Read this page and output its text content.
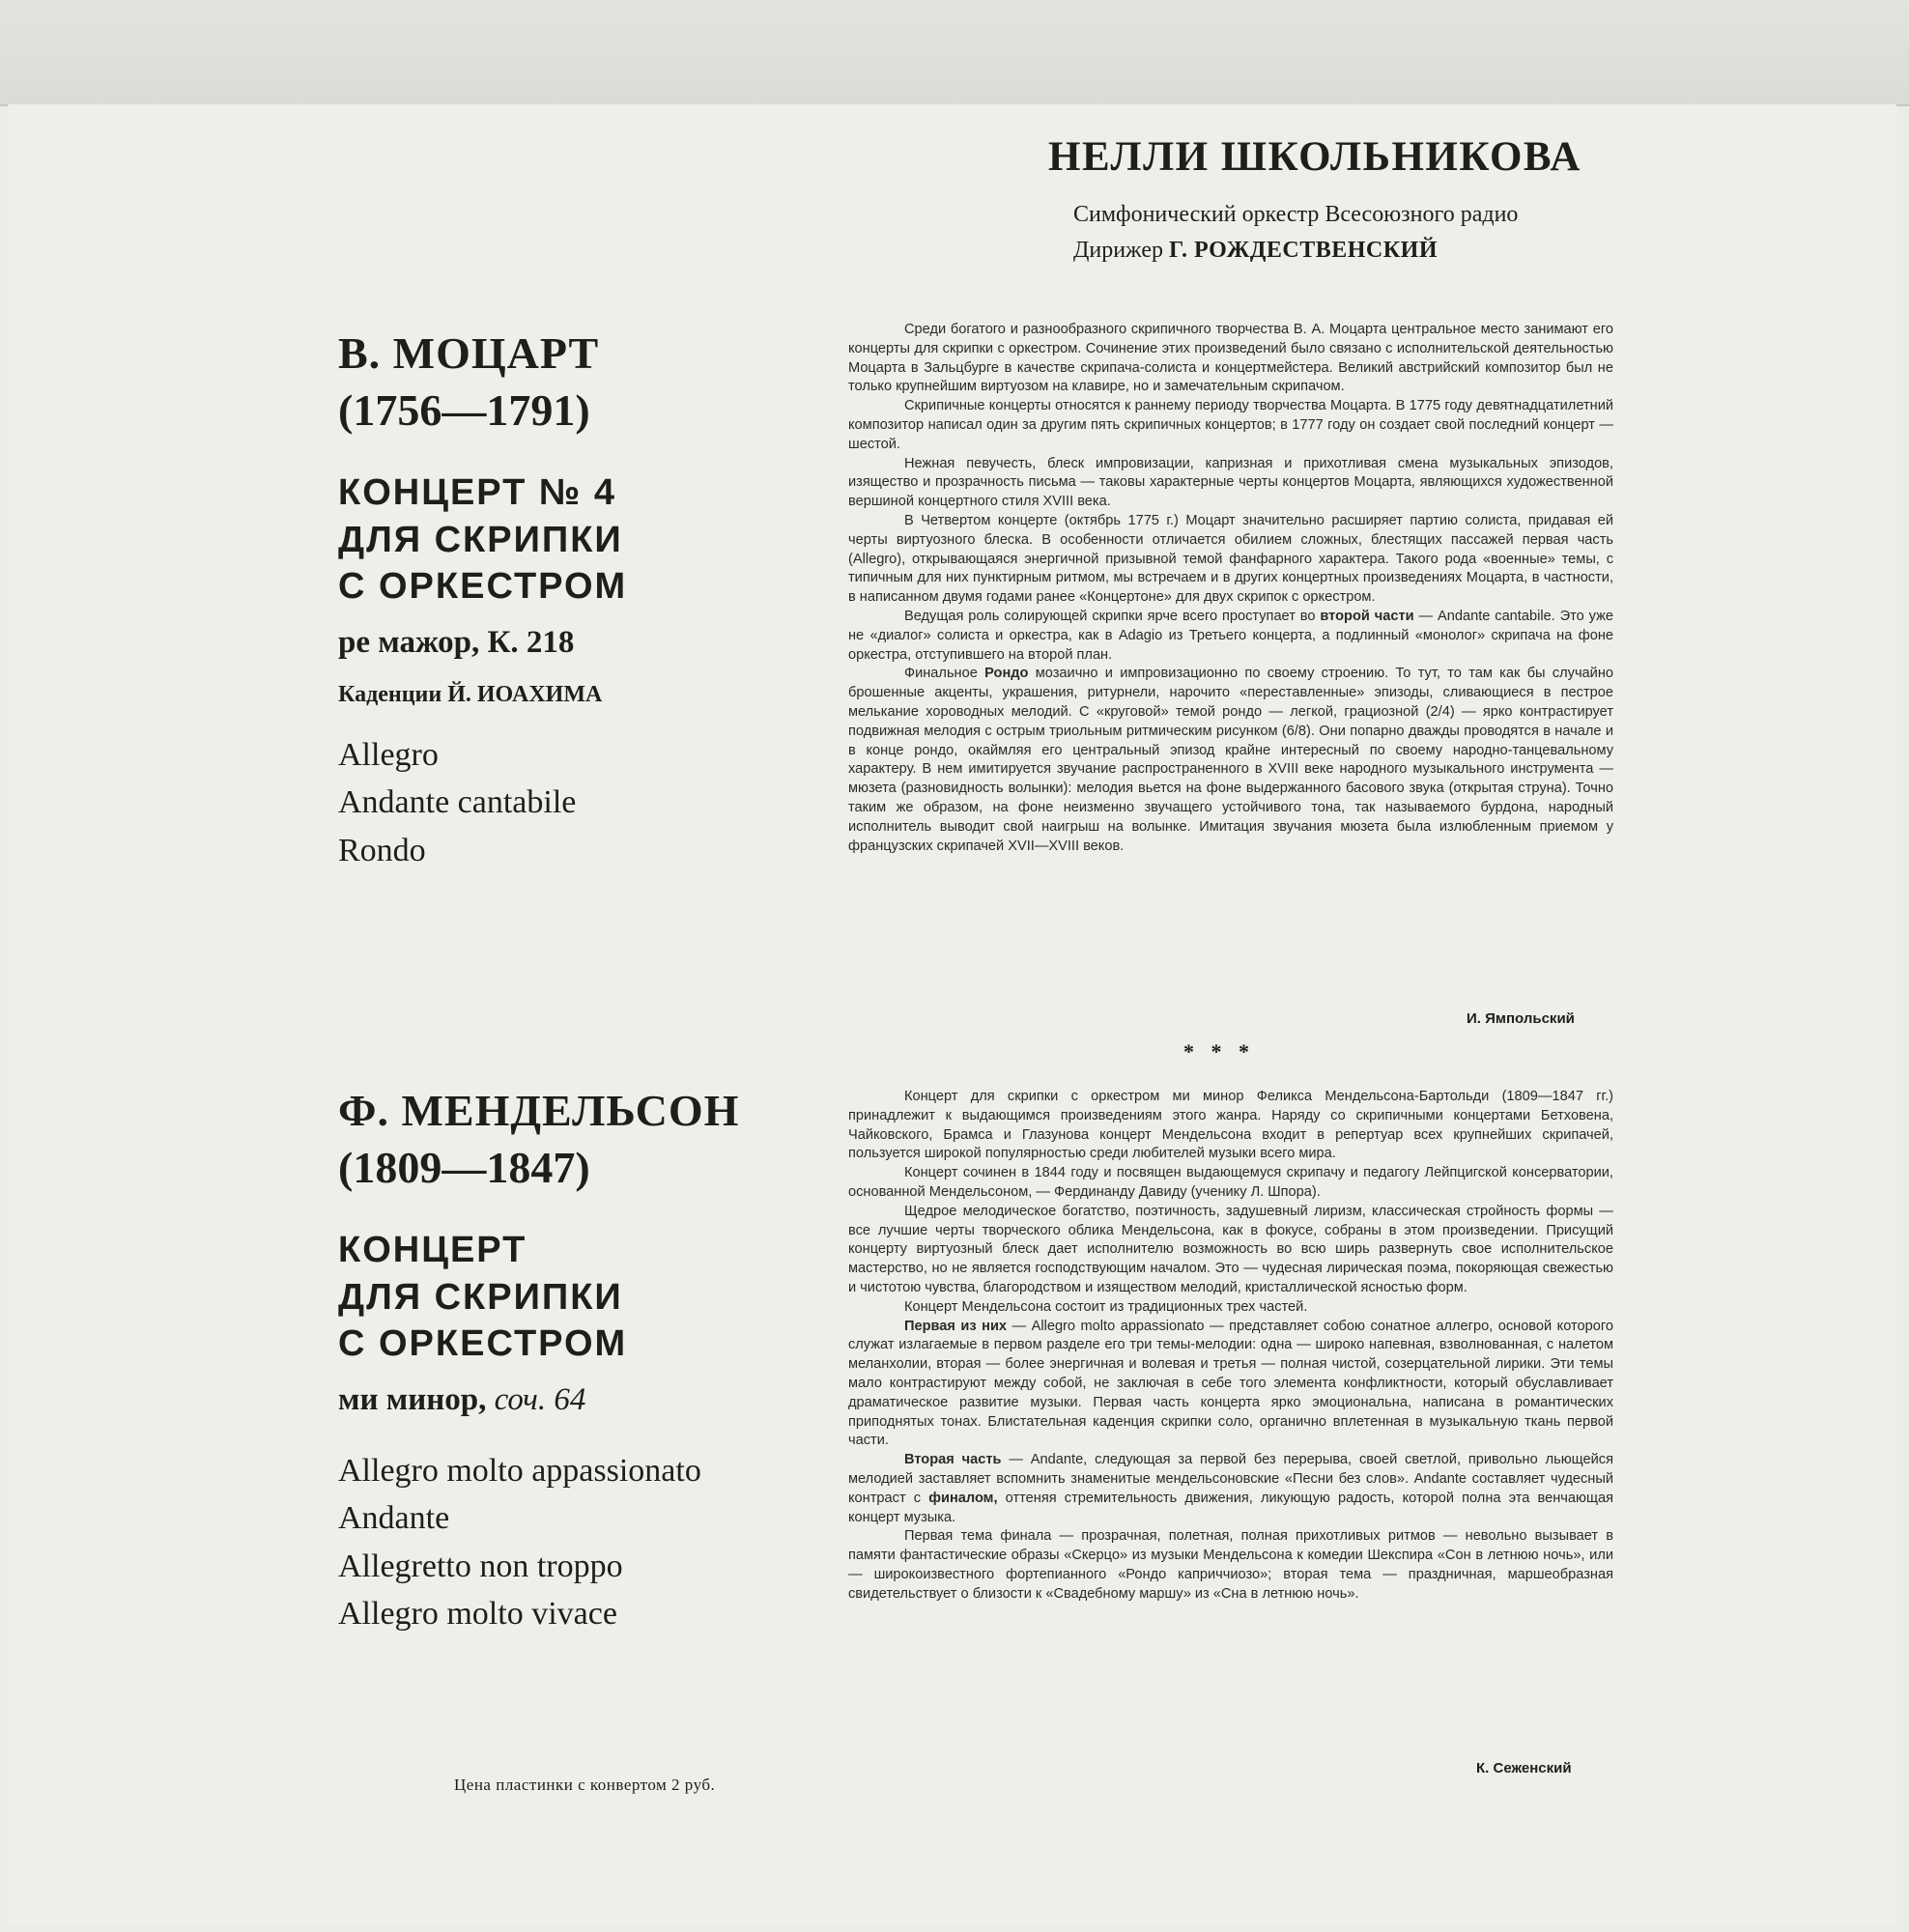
НЕЛЛИ ШКОЛЬНИКОВА
Симфонический оркестр Всесоюзного радио
Дирижер Г. РОЖДЕСТВЕНСКИЙ
В. МОЦАРТ
(1756—1791)
КОНЦЕРТ № 4
ДЛЯ СКРИПКИ
С ОРКЕСТРОМ
ре мажор, К. 218
Каденции Й. ИОАХИМА
Allegro
Andante cantabile
Rondo
Ф. МЕНДЕЛЬСОН
(1809—1847)
КОНЦЕРТ
ДЛЯ СКРИПКИ
С ОРКЕСТРОМ
ми минор, соч. 64
Allegro molto appassionato
Andante
Allegretto non troppo
Allegro molto vivace
Цена пластинки с конвертом 2 руб.

Среди богатого и разнообразного скрипичного творчества В. А. Моцарта центральное место занимают его концерты для скрипки с оркестром. Сочинение этих произведений было связано с исполнительской деятельностью Моцарта в Зальцбурге в качестве скрипача-солиста и концертмейстера. Великий австрийский композитор был не только крупнейшим виртуозом на клавире, но и замечательным скрипачом.

Скрипичные концерты относятся к раннему периоду творчества Моцарта. В 1775 году девятнадцатилетний композитор написал один за другим пять скрипичных концертов; в 1777 году он создает свой последний концерт — шестой.

Нежная певучесть, блеск импровизации, капризная и прихотливая смена музыкальных эпизодов, изящество и прозрачность письма — таковы характерные черты концертов Моцарта, являющихся художественной вершиной концертного стиля XVIII века.

В Четвертом концерте (октябрь 1775 г.) Моцарт значительно расширяет партию солиста, придавая ей черты виртуозного блеска. В особенности отличается обилием сложных, блестящих пассажей первая часть (Allegro), открывающаяся энергичной призывной темой фанфарного характера. Такого рода «военные» темы, с типичным для них пунктирным ритмом, мы встречаем и в других концертных произведениях Моцарта, в частности, в написанном двумя годами ранее «Концертоне» для двух скрипок с оркестром.

Ведущая роль солирующей скрипки ярче всего проступает во второй части — Andante cantabile. Это уже не «диалог» солиста и оркестра, как в Adagio из Третьего концерта, а подлинный «монолог» скрипача на фоне оркестра, отступившего на второй план.

Финальное Рондо мозаично и импровизационно по своему строению. То тут, то там как бы случайно брошенные акценты, украшения, ритурнели, нарочито «переставленные» эпизоды, сливающиеся в пестрое мелькание хороводных мелодий. С «круговой» темой рондо — легкой, грациозной (2/4) — ярко контрастирует подвижная мелодия с острым триольным ритмическим рисунком (6/8). Они попарно дважды проводятся в начале и в конце рондо, окаймляя его центральный эпизод крайне интересный по своему народно-танцевальному характеру. В нем имитируется звучание распространенного в XVIII веке народного музыкального инструмента — мюзета (разновидность волынки): мелодия вьется на фоне выдержанного басового звука (открытая струна). Точно таким же образом, на фоне неизменно звучащего устойчивого тона, так называемого бурдона, народный исполнитель выводит свой наигрыш на волынке. Имитация звучания мюзета была излюбленным приемом у французских скрипачей XVII—XVIII веков.

И. Ямпольский
* * *

Концерт для скрипки с оркестром ми минор Феликса Мендельсона-Бартольди (1809—1847 гг.) принадлежит к выдающимся произведениям этого жанра. Наряду со скрипичными концертами Бетховена, Чайковского, Брамса и Глазунова концерт Мендельсона входит в репертуар всех крупнейших скрипачей, пользуется широкой популярностью среди любителей музыки всего мира.

Концерт сочинен в 1844 году и посвящен выдающемуся скрипачу и педагогу Лейпцигской консерватории, основанной Мендельсоном, — Фердинанду Давиду (ученику Л. Шпора).

Щедрое мелодическое богатство, поэтичность, задушевный лиризм, классическая стройность формы — все лучшие черты творческого облика Мендельсона, как в фокусе, собраны в этом произведении. Присущий концерту виртуозный блеск дает исполнителю возможность во всю ширь развернуть свое исполнительское мастерство, но не является господствующим началом. Это — чудесная лирическая поэма, покоряющая свежестью и чистотою чувства, благородством и изяществом мелодий, кристаллической ясностью форм.

Концерт Мендельсона состоит из традиционных трех частей.

Первая из них — Allegro molto appassionato — представляет собою сонатное аллегро, основой которого служат излагаемые в первом разделе его три темы-мелодии: одна — широко напевная, взволнованная, с налетом меланхолии, вторая — более энергичная и волевая и третья — полная чистой, созерцательной лирики. Эти темы мало контрастируют между собой, не заключая в себе того элемента конфликтности, который обуславливает драматическое развитие музыки. Первая часть концерта ярко эмоциональна, написана в романтических приподнятых тонах. Блистательная каденция скрипки соло, органично вплетенная в музыкальную ткань первой части.

Вторая часть — Andante, следующая за первой без перерыва, своей светлой, привольно льющейся мелодией заставляет вспомнить знаменитые мендельсоновские «Песни без слов». Andante составляет чудесный контраст с финалом, оттеняя стремительность движения, ликующую радость, которой полна эта венчающая концерт музыка.

Первая тема финала — прозрачная, полетная, полная прихотливых ритмов — невольно вызывает в памяти фантастические образы «Скерцо» из музыки Мендельсона к комедии Шекспира «Сон в летнюю ночь», или — широкоизвестного фортепианного «Рондо каприччиозо»; вторая тема — праздничная, маршеобразная свидетельствует о близости к «Свадебному маршу» из «Сна в летнюю ночь».

К. Сеженский
